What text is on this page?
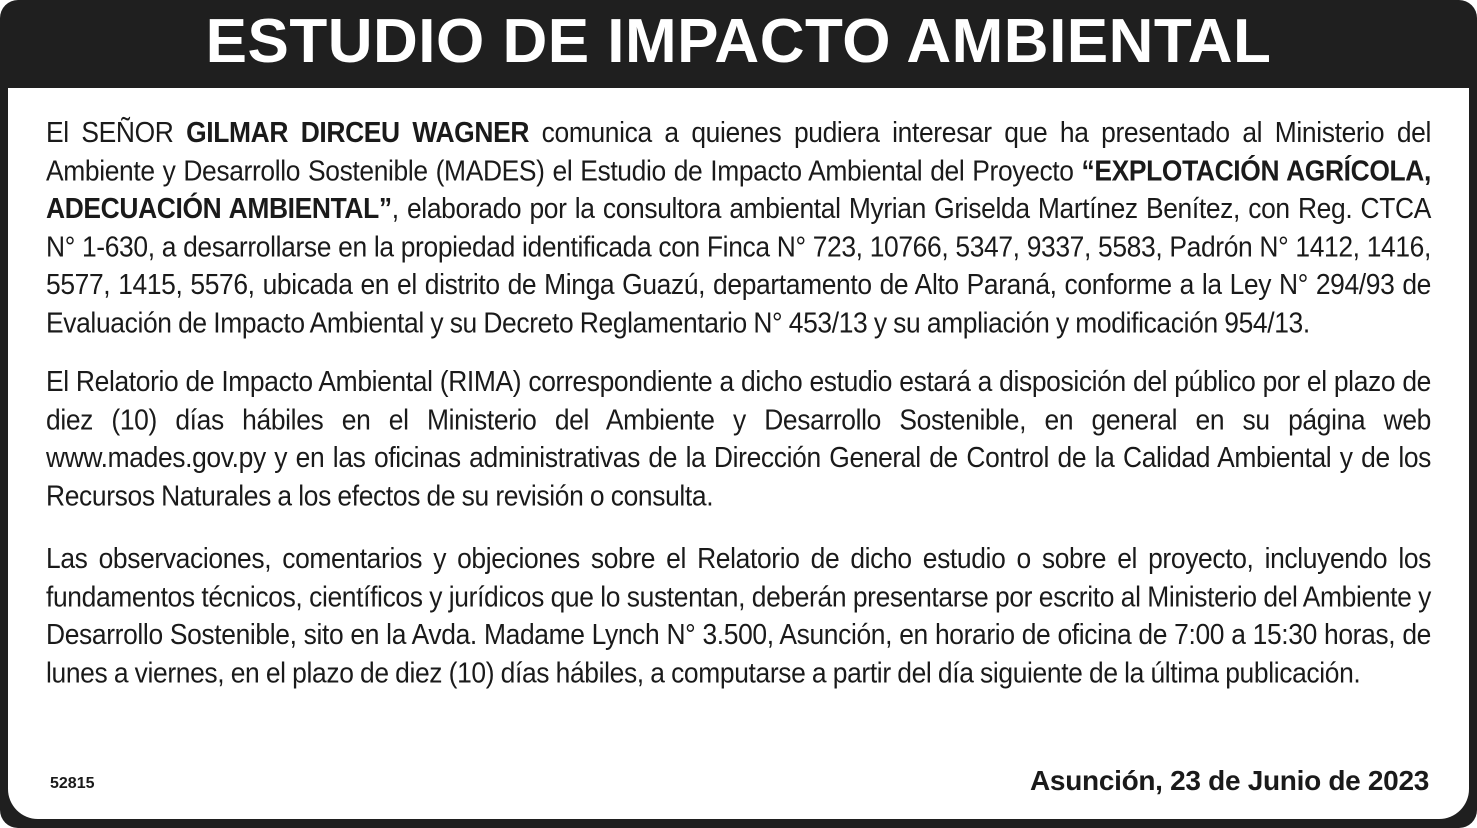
ESTUDIO DE IMPACTO AMBIENTAL

El SEÑOR GILMAR DIRCEU WAGNER comunica a quienes pudiera interesar que ha presentado al Ministerio del Ambiente y Desarrollo Sostenible (MADES) el Estudio de Impacto Ambiental del Proyecto “EXPLOTACIÓN AGRÍCOLA, ADECUACIÓN AMBIENTAL”, elaborado por la consultora ambiental Myrian Griselda Martínez Benítez, con Reg. CTCA N° 1-630, a desarrollarse en la propiedad identificada con Finca N° 723, 10766, 5347, 9337, 5583, Padrón N° 1412, 1416, 5577, 1415, 5576, ubicada en el distrito de Minga Guazú, departamento de Alto Paraná, conforme a la Ley N° 294/93 de Evaluación de Impacto Ambiental y su Decreto Reglamentario N° 453/13 y su ampliación y modificación 954/13.

El Relatorio de Impacto Ambiental (RIMA) correspondiente a dicho estudio estará a disposición del público por el plazo de diez (10) días hábiles en el Ministerio del Ambiente y Desarrollo Sostenible, en general en su página web www.mades.gov.py y en las oficinas administrativas de la Dirección General de Control de la Calidad Ambiental y de los Recursos Naturales a los efectos de su revisión o consulta.

Las observaciones, comentarios y objeciones sobre el Relatorio de dicho estudio o sobre el proyecto, incluyendo los fundamentos técnicos, científicos y jurídicos que lo sustentan, deberán presentarse por escrito al Ministerio del Ambiente y Desarrollo Sostenible, sito en la Avda. Madame Lynch N° 3.500, Asunción, en horario de oficina de 7:00 a 15:30 horas, de lunes a viernes, en el plazo de diez (10) días hábiles, a computarse a partir del día siguiente de la última publicación.

52815	Asunción, 23 de Junio de 2023
